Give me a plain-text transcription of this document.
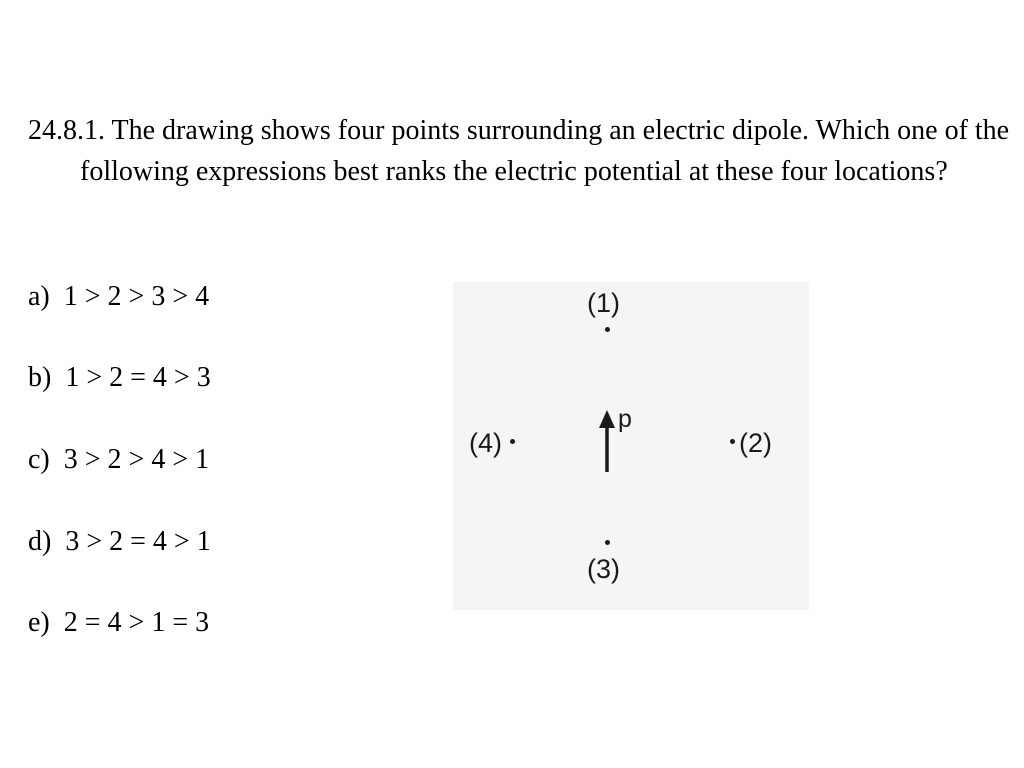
24.8.1. The drawing shows four points surrounding an electric dipole. Which one of the following expressions best ranks the electric potential at these four locations?

a) 1 > 2 > 3 > 4
b) 1 > 2 = 4 > 3
c) 3 > 2 > 4 > 1
d) 3 > 2 = 4 > 1
e) 2 = 4 > 1 = 3
(1)
(4)	(2)
(3)
p
